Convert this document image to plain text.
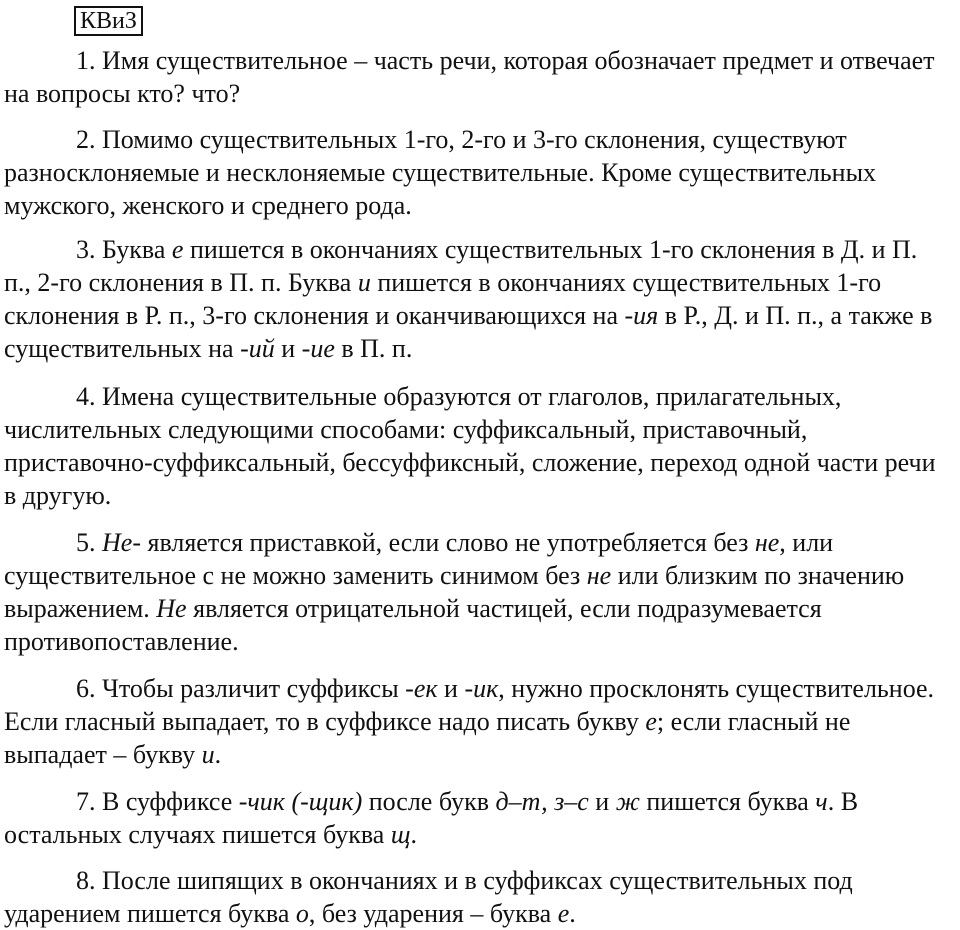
КВиЗ

1. Имя существительное – часть речи, которая обозначает предмет и отвечает на вопросы кто? что?

2. Помимо существительных 1-го, 2-го и 3-го склонения, существуют разносклоняемые и несклоняемые существительные. Кроме существительных мужского, женского и среднего рода.

3. Буква е пишется в окончаниях существительных 1-го склонения в Д. и П. п., 2-го склонения в П. п. Буква и пишется в окончаниях существительных 1-го склонения в Р. п., 3-го склонения и оканчивающихся на -ия в Р., Д. и П. п., а также в существительных на -ий и -ие в П. п.

4. Имена существительные образуются от глаголов, прилагательных, числительных следующими способами: суффиксальный, приставочный, приставочно-суффиксальный, бессуффиксный, сложение, переход одной части речи в другую.

5. Не- является приставкой, если слово не употребляется без не, или существительное с не можно заменить синимом без не или близким по значению выражением. Не является отрицательной частицей, если подразумевается противопоставление.

6. Чтобы различит суффиксы -ек и -ик, нужно просклонять существительное. Если гласный выпадает, то в суффиксе надо писать букву е; если гласный не выпадает – букву и.

7. В суффиксе -чик (-щик) после букв д–т, з–с и ж пишется буква ч. В остальных случаях пишется буква щ.

8. После шипящих в окончаниях и в суффиксах существительных под ударением пишется буква о, без ударения – буква е.
